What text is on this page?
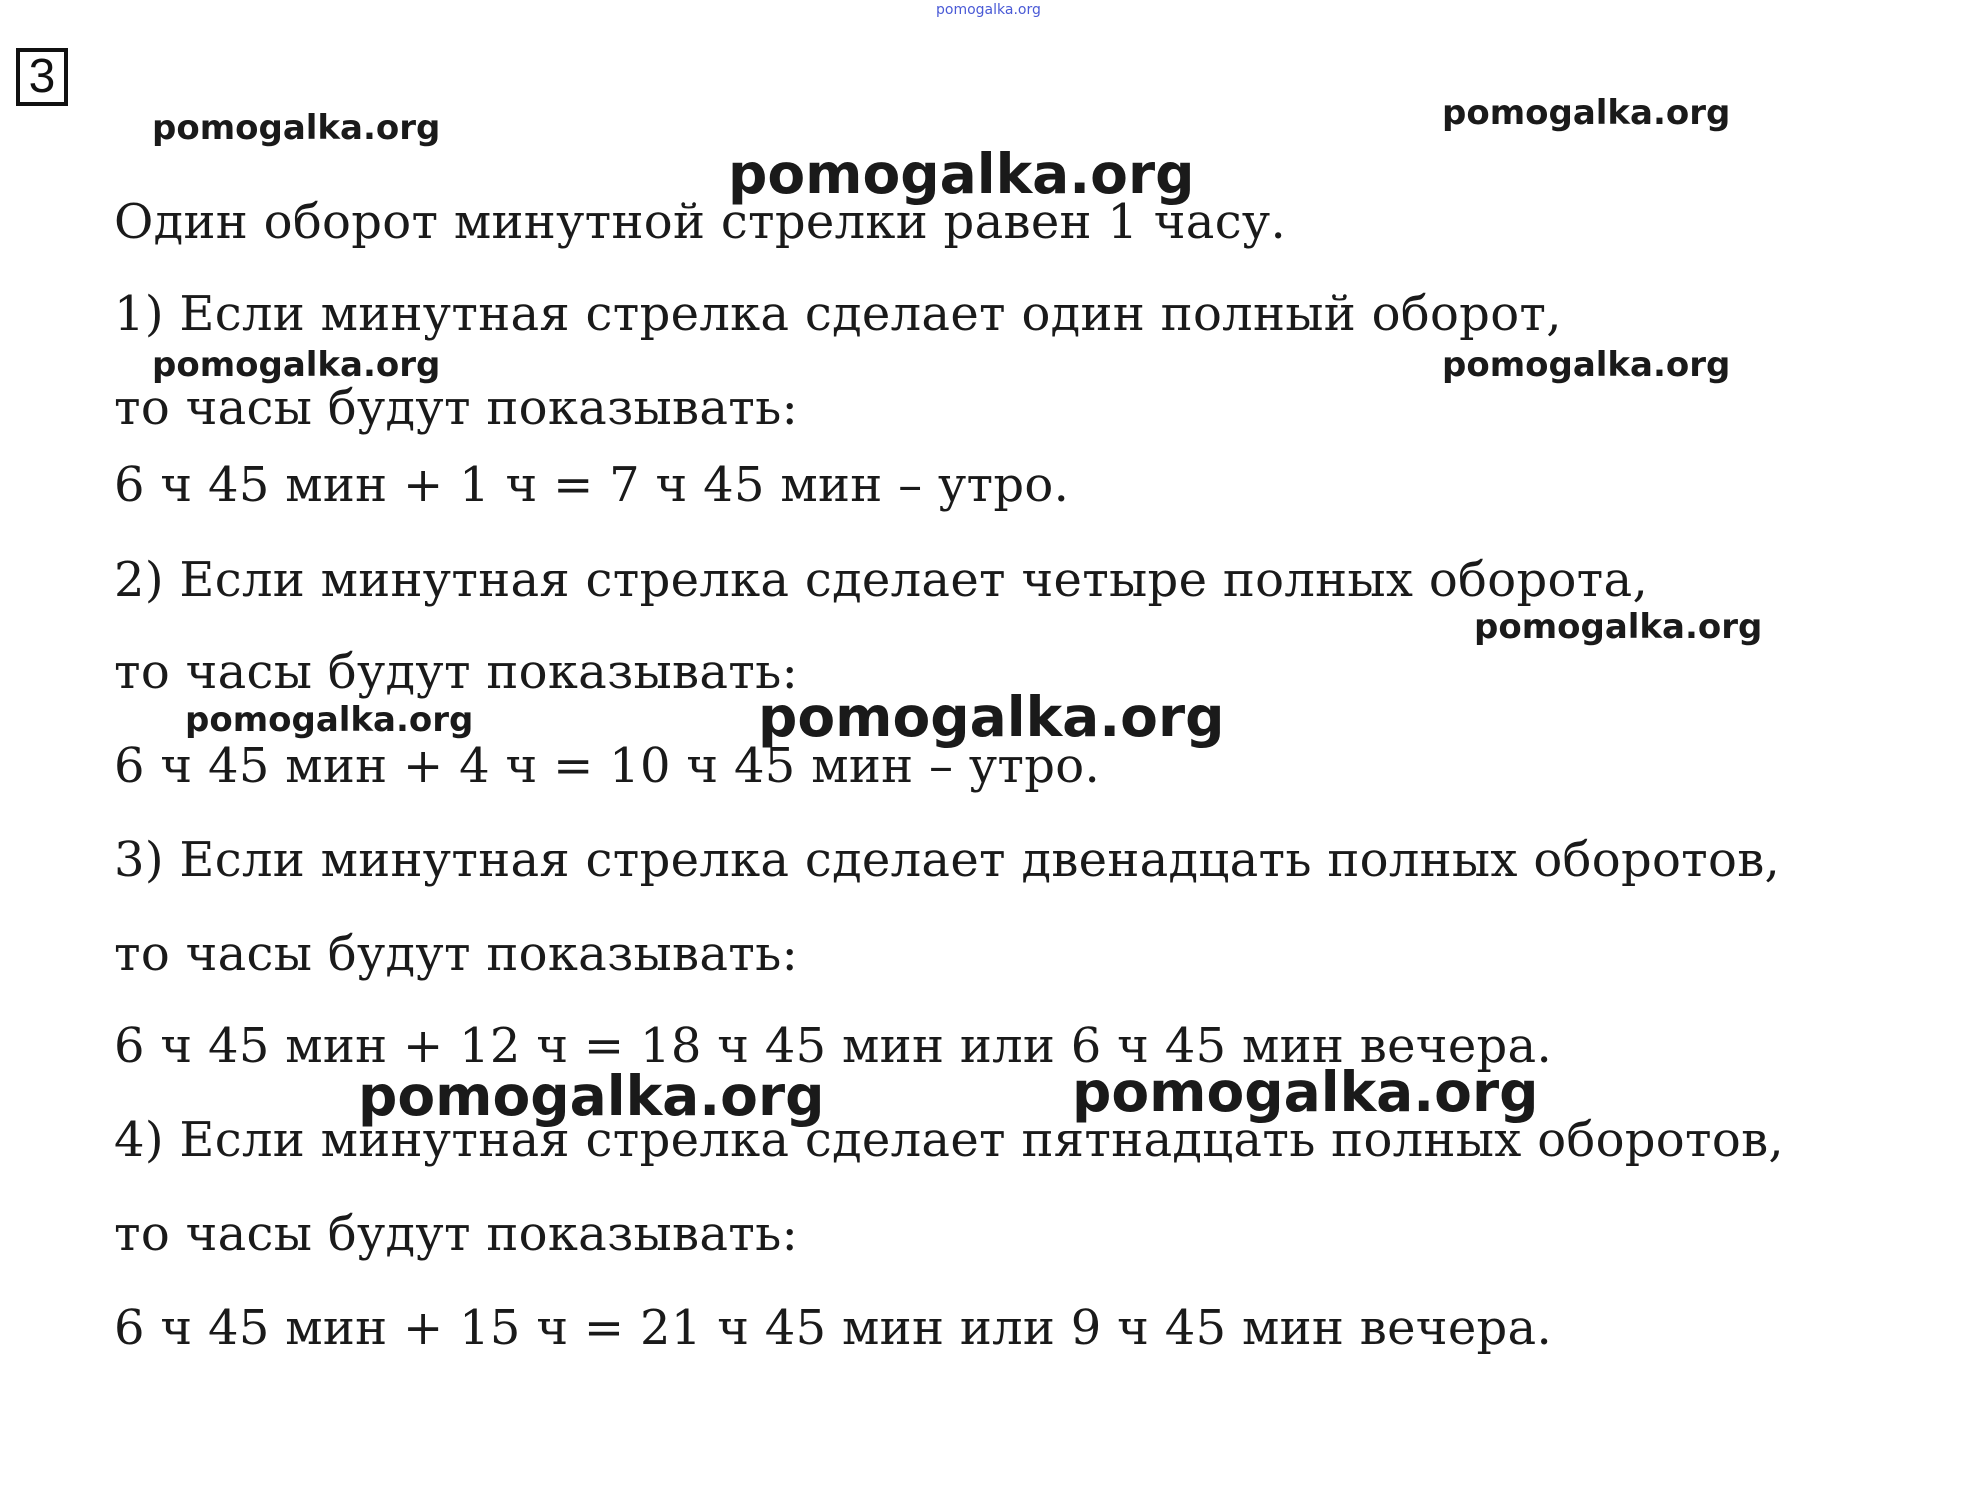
3
Один оборот минутной стрелки равен 1 часу.
1) Если минутная стрелка сделает один полный оборот,
то часы будут показывать:
6 ч 45 мин + 1 ч = 7 ч 45 мин – утро.
2) Если минутная стрелка сделает четыре полных оборота,
то часы будут показывать:
6 ч 45 мин + 4 ч = 10 ч 45 мин – утро.
3) Если минутная стрелка сделает двенадцать полных оборотов,
то часы будут показывать:
6 ч 45 мин + 12 ч = 18 ч 45 мин или 6 ч 45 мин вечера.
4) Если минутная стрелка сделает пятнадцать полных оборотов,
то часы будут показывать:
6 ч 45 мин + 15 ч = 21 ч 45 мин или 9 ч 45 мин вечера.
pomogalka.org
pomogalka.org	pomogalka.org
pomogalka.org
pomogalka.org	pomogalka.org
pomogalka.org
pomogalka.org	pomogalka.org
pomogalka.org	pomogalka.org
